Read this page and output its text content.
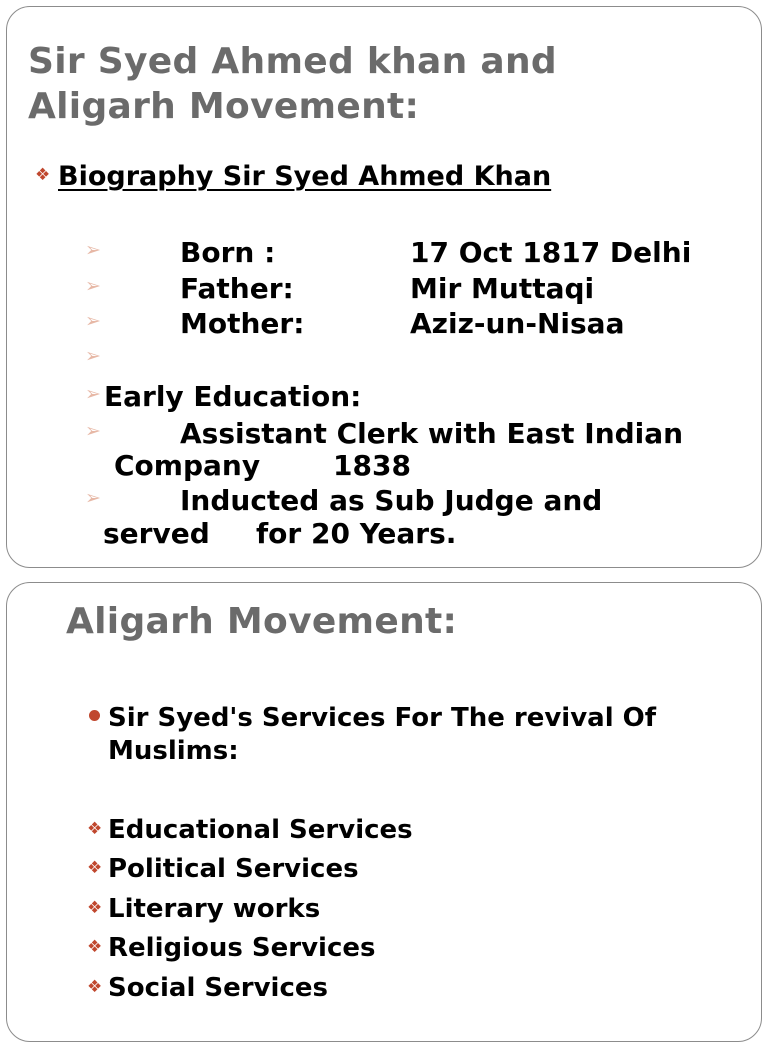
Sir Syed Ahmed khan and
Aligarh Movement:
❖ Biography Sir Syed Ahmed Khan
➢	Born :	17 Oct 1817 Delhi
➢	Father:	Mir Muttaqi
➢	Mother:	Aziz-un-Nisaa
➢
➢ Early Education:
➢	Assistant Clerk with East Indian
Company	1838
➢	Inducted as Sub Judge and
served for 20 Years.
Aligarh Movement:
Sir Syed's Services For The revival Of
Muslims:
❖ Educational Services
❖ Political Services
❖ Literary works
❖ Religious Services
❖ Social Services
